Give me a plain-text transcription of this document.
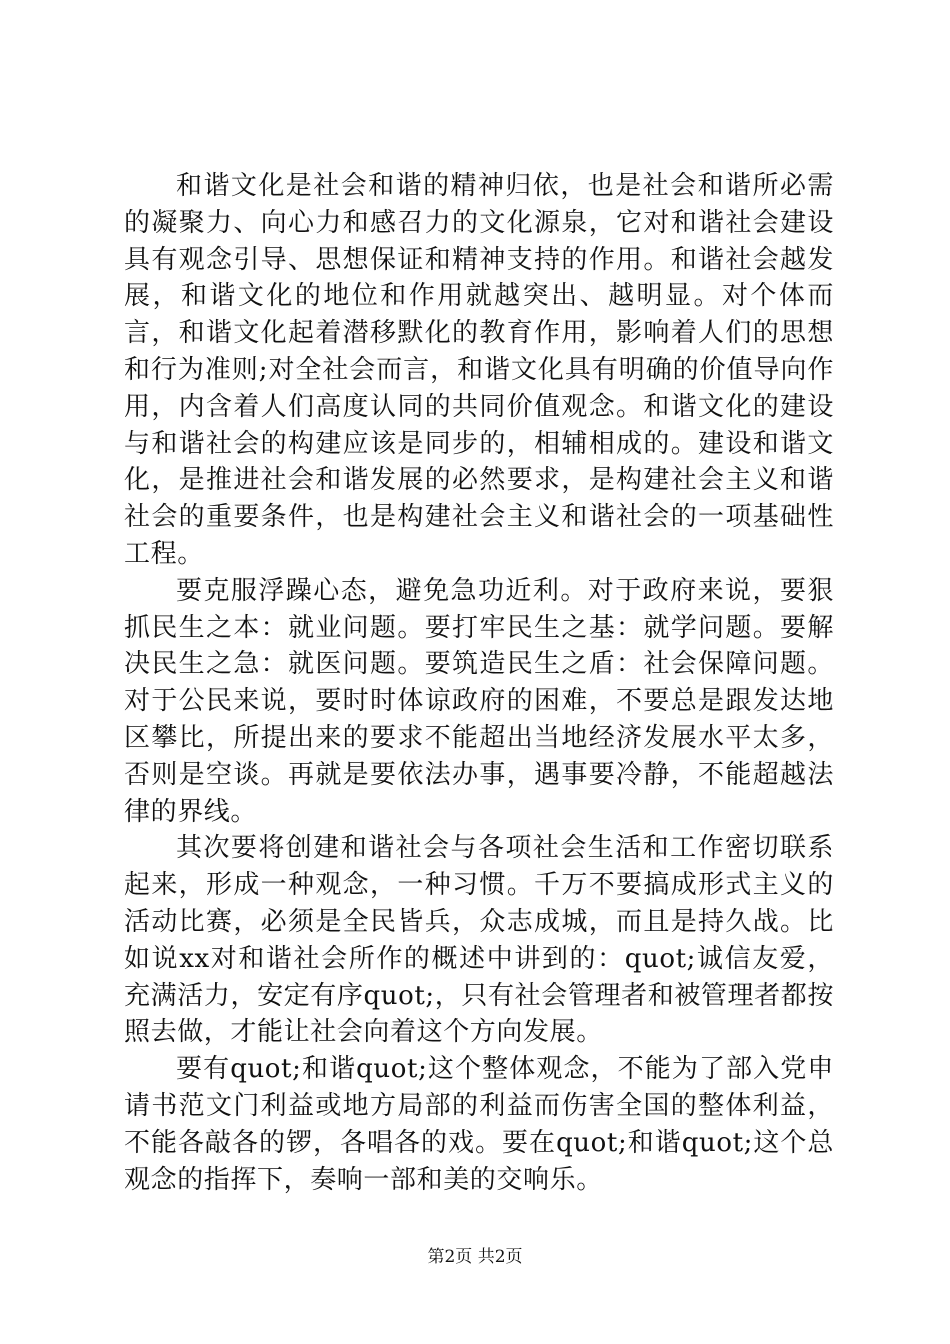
和谐文化是社会和谐的精神归依，也是社会和谐所必需的凝聚力、向心力和感召力的文化源泉，它对和谐社会建设具有观念引导、思想保证和精神支持的作用。和谐社会越发展，和谐文化的地位和作用就越突出、越明显。对个体而言，和谐文化起着潜移默化的教育作用，影响着人们的思想和行为准则;对全社会而言，和谐文化具有明确的价值导向作用，内含着人们高度认同的共同价值观念。和谐文化的建设与和谐社会的构建应该是同步的，相辅相成的。建设和谐文化，是推进社会和谐发展的必然要求，是构建社会主义和谐社会的重要条件，也是构建社会主义和谐社会的一项基础性工程。

要克服浮躁心态，避免急功近利。对于政府来说，要狠抓民生之本：就业问题。要打牢民生之基：就学问题。要解决民生之急：就医问题。要筑造民生之盾：社会保障问题。对于公民来说，要时时体谅政府的困难，不要总是跟发达地区攀比，所提出来的要求不能超出当地经济发展水平太多，否则是空谈。再就是要依法办事，遇事要冷静，不能超越法律的界线。

其次要将创建和谐社会与各项社会生活和工作密切联系起来，形成一种观念，一种习惯。千万不要搞成形式主义的活动比赛，必须是全民皆兵，众志成城，而且是持久战。比如说xx对和谐社会所作的概述中讲到的：quot;诚信友爱，充满活力，安定有序quot;，只有社会管理者和被管理者都按照去做，才能让社会向着这个方向发展。

要有quot;和谐quot;这个整体观念，不能为了部入党申请书范文门利益或地方局部的利益而伤害全国的整体利益，不能各敲各的锣，各唱各的戏。要在quot;和谐quot;这个总观念的指挥下，奏响一部和美的交响乐。

第2页 共2页
